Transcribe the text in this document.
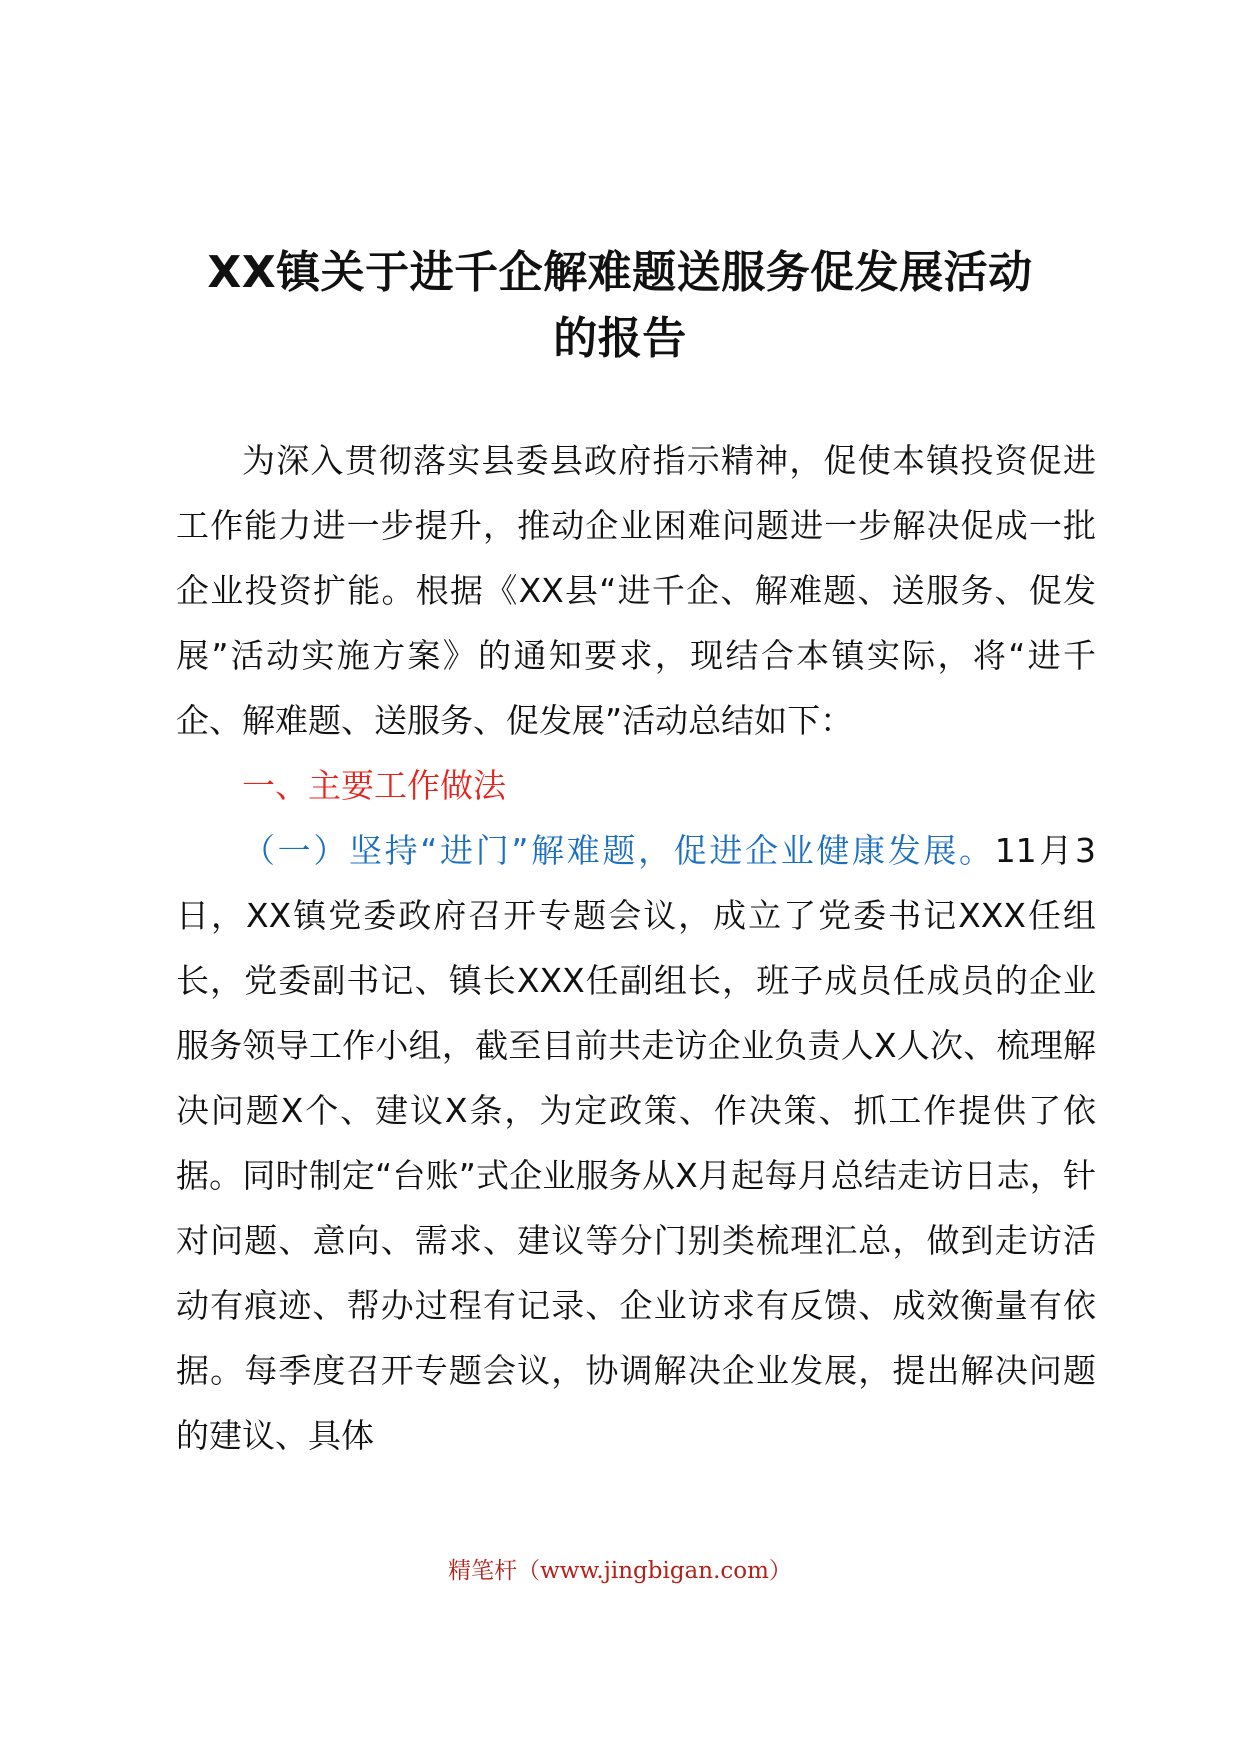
XX镇关于进千企解难题送服务促发展活动
的报告

为深入贯彻落实县委县政府指示精神，促使本镇投资促进工作能力进一步提升，推动企业困难问题进一步解决促成一批企业投资扩能。根据《XX县“进千企、解难题、送服务、促发展”活动实施方案》的通知要求，现结合本镇实际，将“进千企、解难题、送服务、促发展”活动总结如下：

一、主要工作做法

（一）坚持“进门”解难题，促进企业健康发展。11月3日，XX镇党委政府召开专题会议，成立了党委书记XXX任组长，党委副书记、镇长XXX任副组长，班子成员任成员的企业服务领导工作小组，截至目前共走访企业负责人X人次、梳理解决问题X个、建议X条，为定政策、作决策、抓工作提供了依据。同时制定“台账”式企业服务从X月起每月总结走访日志，针对问题、意向、需求、建议等分门别类梳理汇总，做到走访活动有痕迹、帮办过程有记录、企业访求有反馈、成效衡量有依据。每季度召开专题会议，协调解决企业发展，提出解决问题的建议、具体

精笔杆（www.jingbigan.com）
